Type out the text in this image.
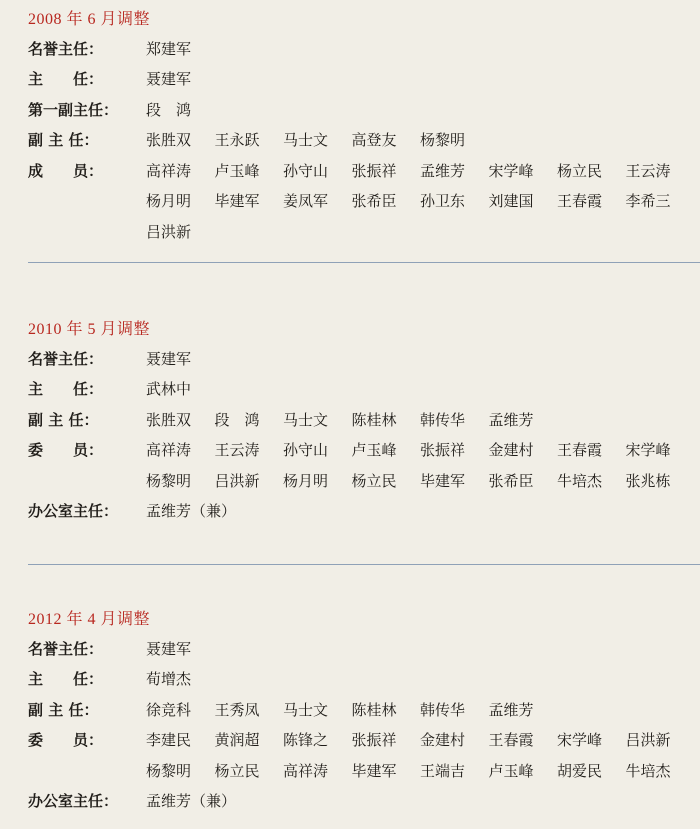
2008 年 6 月调整
名誉主任：	郑建军
主　　任：	聂建军
第一副主任：	段　鸿
副 主 任：	张胜双	王永跃	马士文	高登友	杨黎明
成　　员：	高祥涛	卢玉峰	孙守山	张振祥	孟维芳	宋学峰	杨立民	王云涛
杨月明	毕建军	姜凤军	张希臣	孙卫东	刘建国	王春霞	李希三
吕洪新
2010 年 5 月调整
名誉主任：	聂建军
主　　任：	武林中
副 主 任：	张胜双	段　鸿	马士文	陈桂林	韩传华	孟维芳
委　　员：	高祥涛	王云涛	孙守山	卢玉峰	张振祥	金建村	王春霞	宋学峰
杨黎明	吕洪新	杨月明	杨立民	毕建军	张希臣	牛培杰	张兆栋
办公室主任：	孟维芳（兼）
2012 年 4 月调整
名誉主任：	聂建军
主　　任：	荀增杰
副 主 任：	徐竞科	王秀凤	马士文	陈桂林	韩传华	孟维芳
委　　员：	李建民	黄润超	陈锋之	张振祥	金建村	王春霞	宋学峰	吕洪新
杨黎明	杨立民	高祥涛	毕建军	王端吉	卢玉峰	胡爱民	牛培杰
办公室主任：	孟维芳（兼）
